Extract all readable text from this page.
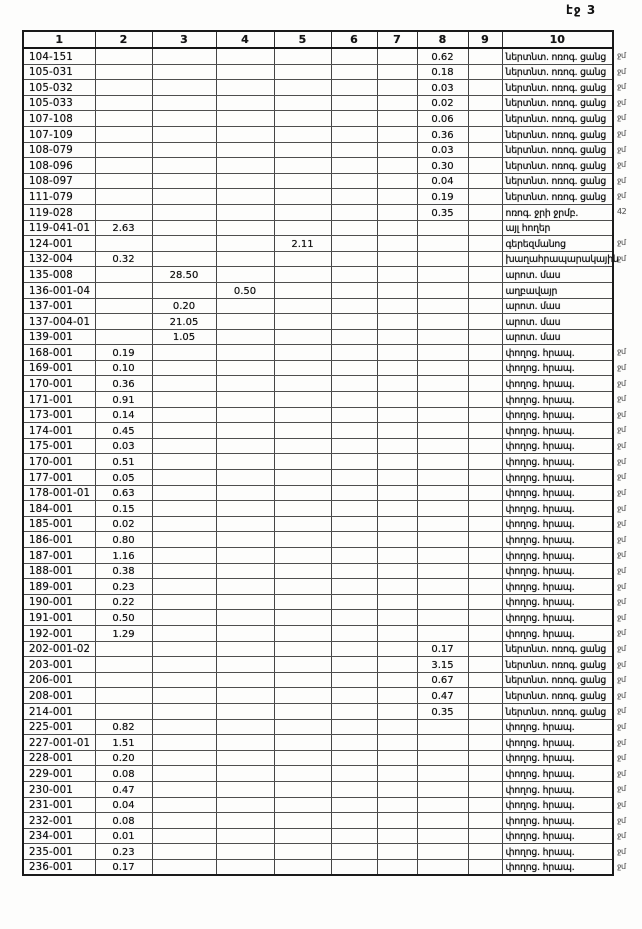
էջ 3
1	2	3	4	5	6	7	8	9	10
104-151							0.62		ներտնտ. ոռոգ. ցանց
105-031							0.18		ներտնտ. ոռոգ. ցանց
105-032							0.03		ներտնտ. ոռոգ. ցանց
105-033							0.02		ներտնտ. ոռոգ. ցանց
107-108							0.06		ներտնտ. ոռոգ. ցանց
107-109							0.36		ներտնտ. ոռոգ. ցանց
108-079							0.03		ներտնտ. ոռոգ. ցանց
108-096							0.30		ներտնտ. ոռոգ. ցանց
108-097							0.04		ներտնտ. ոռոգ. ցանց
111-079							0.19		ներտնտ. ոռոգ. ցանց
119-028							0.35		ոռոգ. ջրի ջրմբ.
119-041-01	2.63								այլ հողեր
124-001				2.11					գերեզմանոց
132-004	0.32								խաղահրապարակային
135-008		28.50							արոտ. մաս
136-001-04			0.50						աղբավայր
137-001		0.20							արոտ. մաս
137-004-01		21.05							արոտ. մաս
139-001		1.05							արոտ. մաս
168-001	0.19								փողոց. հրապ.
169-001	0.10								փողոց. հրապ.
170-001	0.36								փողոց. հրապ.
171-001	0.91								փողոց. հրապ.
173-001	0.14								փողոց. հրապ.
174-001	0.45								փողոց. հրապ.
175-001	0.03								փողոց. հրապ.
170-001	0.51								փողոց. հրապ.
177-001	0.05								փողոց. հրապ.
178-001-01	0.63								փողոց. հրապ.
184-001	0.15								փողոց. հրապ.
185-001	0.02								փողոց. հրապ.
186-001	0.80								փողոց. հրապ.
187-001	1.16								փողոց. հրապ.
188-001	0.38								փողոց. հրապ.
189-001	0.23								փողոց. հրապ.
190-001	0.22								փողոց. հրապ.
191-001	0.50								փողոց. հրապ.
192-001	1.29								փողոց. հրապ.
202-001-02							0.17		ներտնտ. ոռոգ. ցանց
203-001							3.15		ներտնտ. ոռոգ. ցանց
206-001							0.67		ներտնտ. ոռոգ. ցանց
208-001							0.47		ներտնտ. ոռոգ. ցանց
214-001							0.35		ներտնտ. ոռոգ. ցանց
225-001	0.82								փողոց. հրապ.
227-001-01	1.51								փողոց. հրապ.
228-001	0.20								փողոց. հրապ.
229-001	0.08								փողոց. հրապ.
230-001	0.47								փողոց. հրապ.
231-001	0.04								փողոց. հրապ.
232-001	0.08								փողոց. հրապ.
234-001	0.01								փողոց. հրապ.
235-001	0.23								փողոց. հրապ.
236-001	0.17								փողոց. հրապ.
ջմ
ջմ
ջմ
ջմ
ջմ
ջմ
ջմ
ջմ
ջմ
ջմ
42
ջմ
ջմ
ջմ
ջմ
ջմ
ջմ
ջմ
ջմ
ջմ
ջմ
ջմ
ջմ
ջմ
ջմ
ջմ
ջմ
ջմ
ջմ
ջմ
ջմ
ջմ
ջմ
ջմ
ջմ
ջմ
ջմ
ջմ
ջմ
ջմ
ջմ
ջմ
ջմ
ջմ
ջմ
ջմ
ջմ
